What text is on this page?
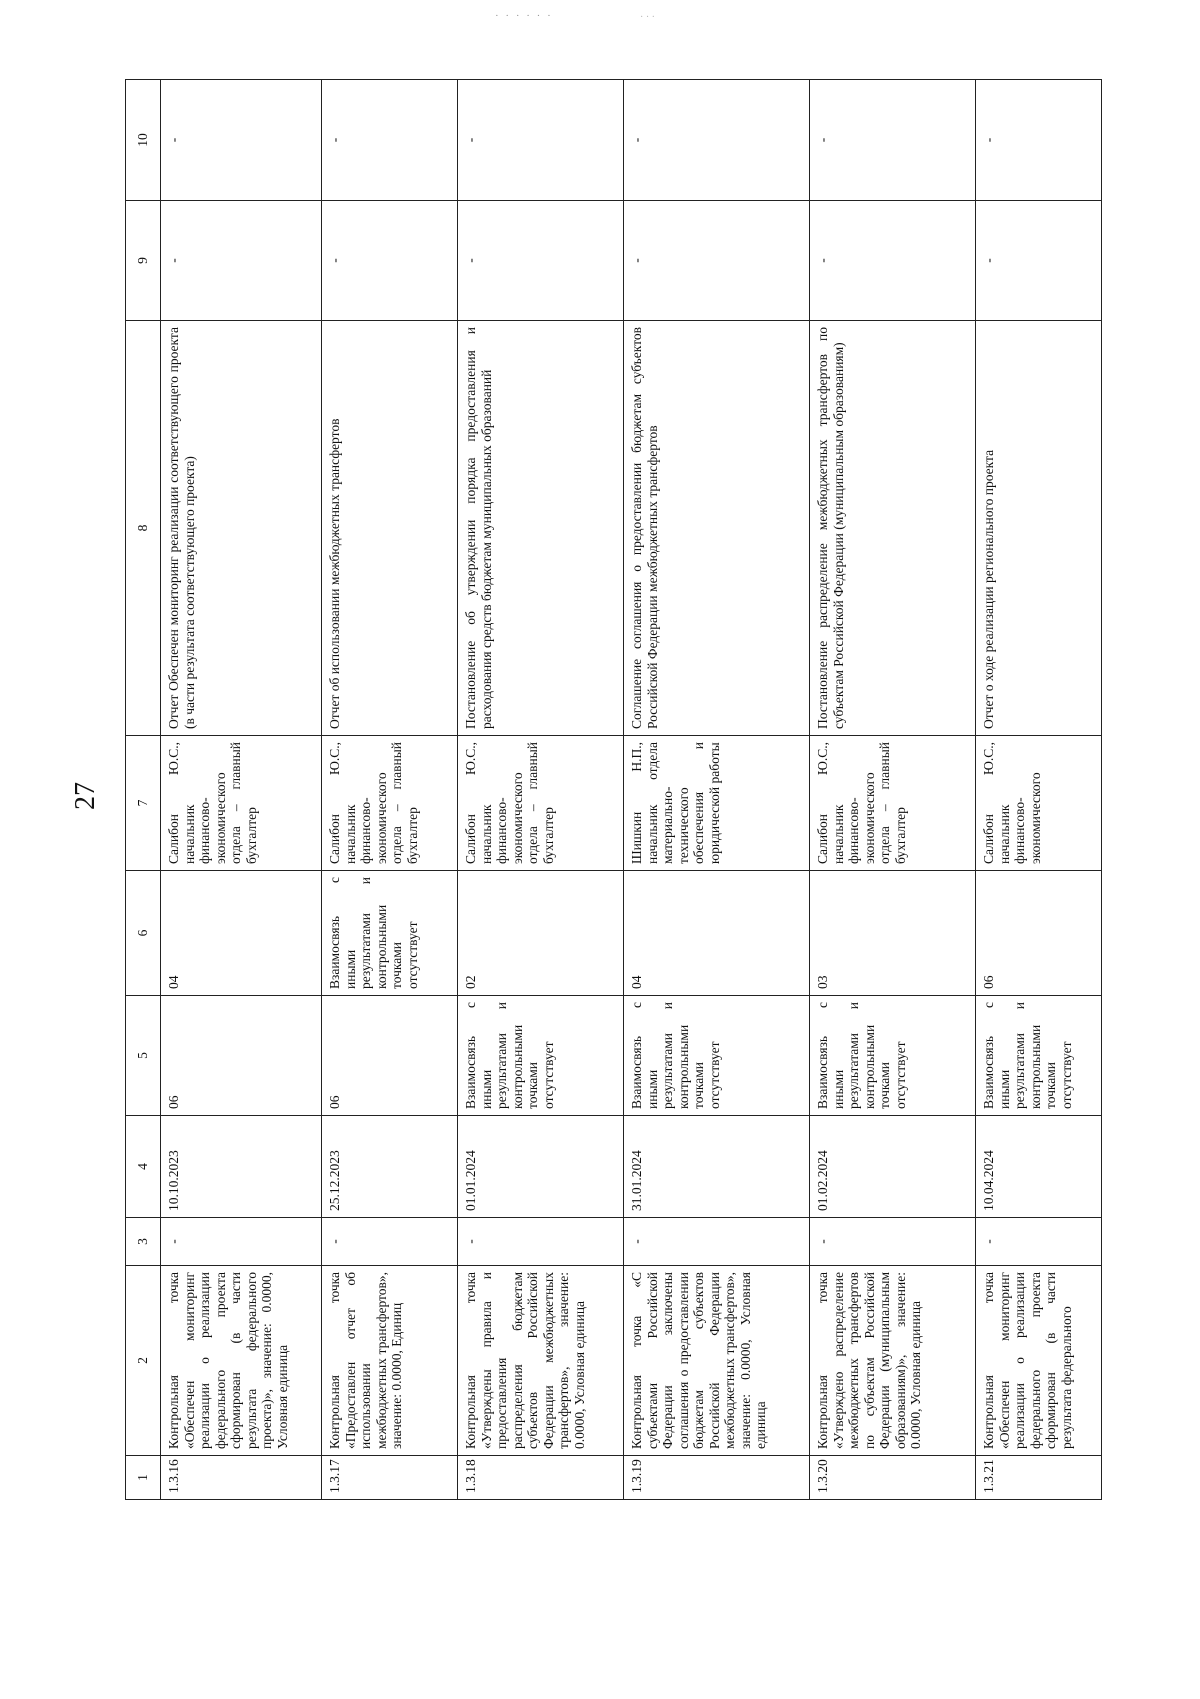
· · · · · ·	· · ·
27
1	2	3	4	5	6	7	8	9	10
1.3.16	Контрольная точка «Обеспечен мониторинг реализации о реализации федерального проекта сформирован (в части результата федерального проекта)», значение: 0.0000, Условная единица	-	10.10.2023	06	04	Салибон Ю.С., начальник финансово-экономического отдела – главный бухгалтер	Отчет Обеспечен мониторинг реализации соответствующего проекта (в части результата соответствующего проекта)	-	-
1.3.17	Контрольная точка «Предоставлен отчет об использовании межбюджетных трансфертов», значение: 0.0000, Единиц	-	25.12.2023	06	Взаимосвязь с иными результатами и контрольными точками отсутствует	Салибон Ю.С., начальник финансово-экономического отдела – главный бухгалтер	Отчет об использовании межбюджетных трансфертов	-	-
1.3.18	Контрольная точка «Утверждены правила и предоставления распределения бюджетам субъектов Российской Федерации межбюджетных трансфертов», значение: 0.0000, Условная единица	-	01.01.2024	Взаимосвязь с иными результатами и контрольными точками отсутствует	02	Салибон Ю.С., начальник финансово-экономического отдела – главный бухгалтер	Постановление об утверждении порядка предоставления и расходования средств бюджетам муниципальных образований	-	-
1.3.19	Контрольная точка «С субъектами Российской Федерации заключены соглашения о предоставлении бюджетам субъектов Российской Федерации межбюджетных трансфертов», значение: 0.0000, Условная единица	-	31.01.2024	Взаимосвязь с иными результатами и контрольными точками отсутствует	04	Шишкин Н.П., начальник отдела материально-технического обеспечения и юридической работы	Соглашение соглашения о предоставлении бюджетам субъектов Российской Федерации межбюджетных трансфертов	-	-
1.3.20	Контрольная точка «Утверждено распределение межбюджетных трансфертов по субъектам Российской Федерации (муниципальным образованиям)», значение: 0.0000, Условная единица	-	01.02.2024	Взаимосвязь с иными результатами и контрольными точками отсутствует	03	Салибон Ю.С., начальник финансово-экономического отдела – главный бухгалтер	Постановление распределение межбюджетных трансфертов по субъектам Российской Федерации (муниципальным образованиям)	-	-
1.3.21	Контрольная точка «Обеспечен мониторинг реализации о реализации федерального проекта сформирован (в части результата федерального	-	10.04.2024	Взаимосвязь с иными результатами и контрольными точками отсутствует	06	Салибон Ю.С., начальник финансово-экономического	Отчет о ходе реализации регионального проекта	-	-
